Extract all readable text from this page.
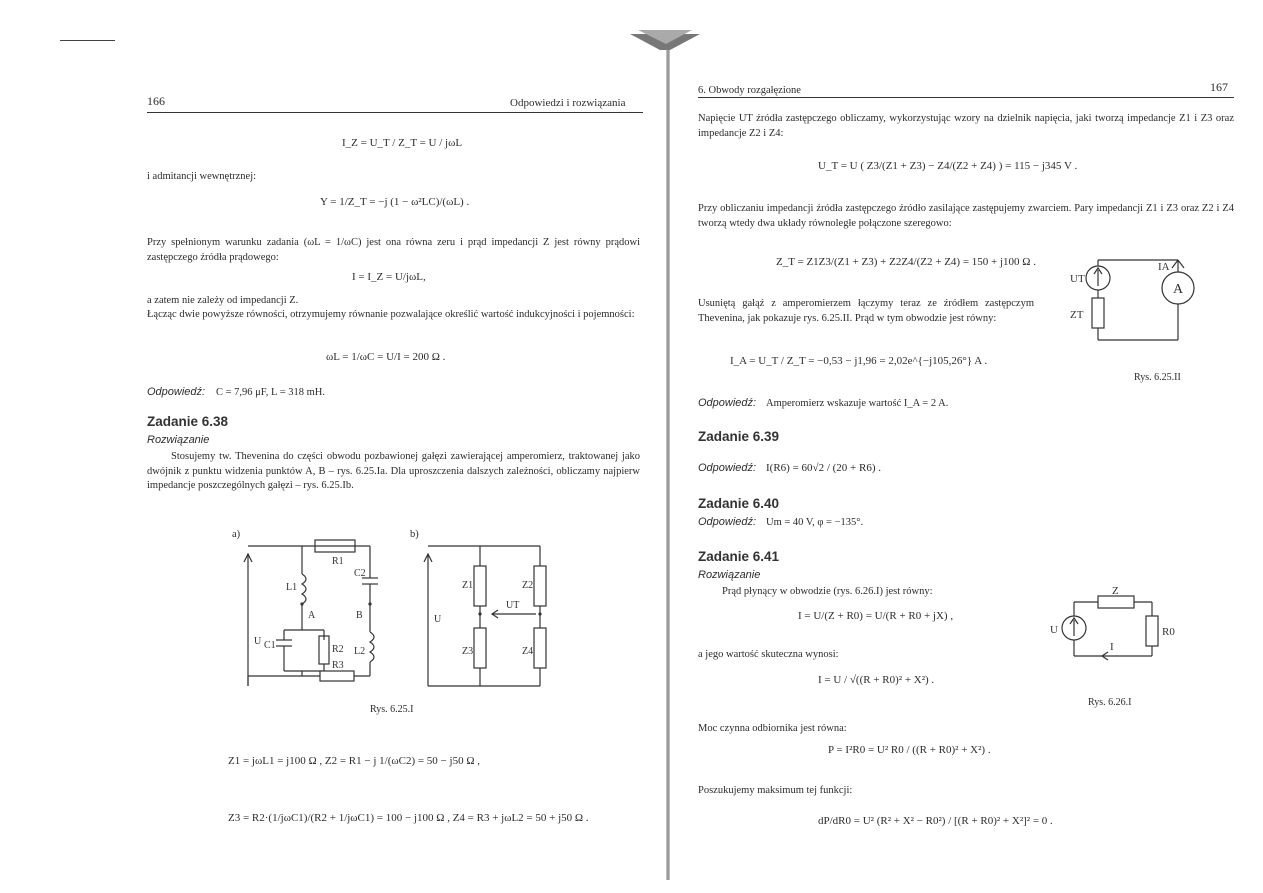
166	Odpowiedzi i rozwiązania
I_Z = U_T / Z_T = U / jωL
i admitancji wewnętrznej:
Y = 1/Z_T = −j (1 − ω²LC)/(ωL) .
Przy spełnionym warunku zadania (ωL = 1/ωC) jest ona równa zeru i prąd impedancji Z jest równy prądowi zastępczego źródła prądowego:
I = I_Z = U/jωL,
a zatem nie zależy od impedancji Z.
Łącząc dwie powyższe równości, otrzymujemy równanie pozwalające określić wartość indukcyjności i pojemności:
ωL = 1/ωC = U/I = 200 Ω .
Odpowiedź: C = 7,96 μF, L = 318 mH.
Zadanie 6.38
Rozwiązanie
Stosujemy tw. Thevenina do części obwodu pozbawionej gałęzi zawierającej amperomierz, traktowanej jako dwójnik z punktu widzenia punktów A, B – rys. 6.25.Ia. Dla uproszczenia dalszych zależności, obliczamy najpierw impedancje poszczególnych gałęzi – rys. 6.25.Ib.
a)	b)
R1
L1
C2
A	B
C1	R2 L2
R3
U
U
Z1	Z2
UT
Z3	Z4
Rys. 6.25.I
Z1 = jωL1 = j100 Ω , Z2 = R1 − j 1/(ωC2) = 50 − j50 Ω ,
Z3 = R2·(1/jωC1)/(R2 + 1/jωC1) = 100 − j100 Ω , Z4 = R3 + jωL2 = 50 + j50 Ω .
6. Obwody rozgałęzione	167
Napięcie UT źródła zastępczego obliczamy, wykorzystując wzory na dzielnik napięcia, jaki tworzą impedancje Z1 i Z3 oraz impedancje Z2 i Z4:
U_T = U ( Z3/(Z1 + Z3) − Z4/(Z2 + Z4) ) = 115 − j345 V .
Przy obliczaniu impedancji źródła zastępczego źródło zasilające zastępujemy zwarciem. Pary impedancji Z1 i Z3 oraz Z2 i Z4 tworzą wtedy dwa układy równoległe połączone szeregowo:
Z_T = Z1Z3/(Z1 + Z3) + Z2Z4/(Z2 + Z4) = 150 + j100 Ω .
Usuniętą gałąź z amperomierzem łączymy teraz ze źródłem zastępczym Thevenina, jak pokazuje rys. 6.25.II. Prąd w tym obwodzie jest równy:
I_A = U_T / Z_T = −0,53 − j1,96 = 2,02e^{−j105,26°} A .
UT
IA
A
ZT
Rys. 6.25.II
Odpowiedź: Amperomierz wskazuje wartość I_A = 2 A.
Zadanie 6.39
Odpowiedź: I(R6) = 60√2 / (20 + R6) .
Zadanie 6.40
Odpowiedź: Um = 40 V, φ = −135°.
Zadanie 6.41
Rozwiązanie
Prąd płynący w obwodzie (rys. 6.26.I) jest równy:
I = U/(Z + R0) = U/(R + R0 + jX) ,
a jego wartość skuteczna wynosi:
I = U / √((R + R0)² + X²) .
Moc czynna odbiornika jest równa:
P = I²R0 = U² R0 / ((R + R0)² + X²) .
Poszukujemy maksimum tej funkcji:
dP/dR0 = U² (R² + X² − R0²) / [(R + R0)² + X²]² = 0 .
Z
U	R0
I
Rys. 6.26.I
